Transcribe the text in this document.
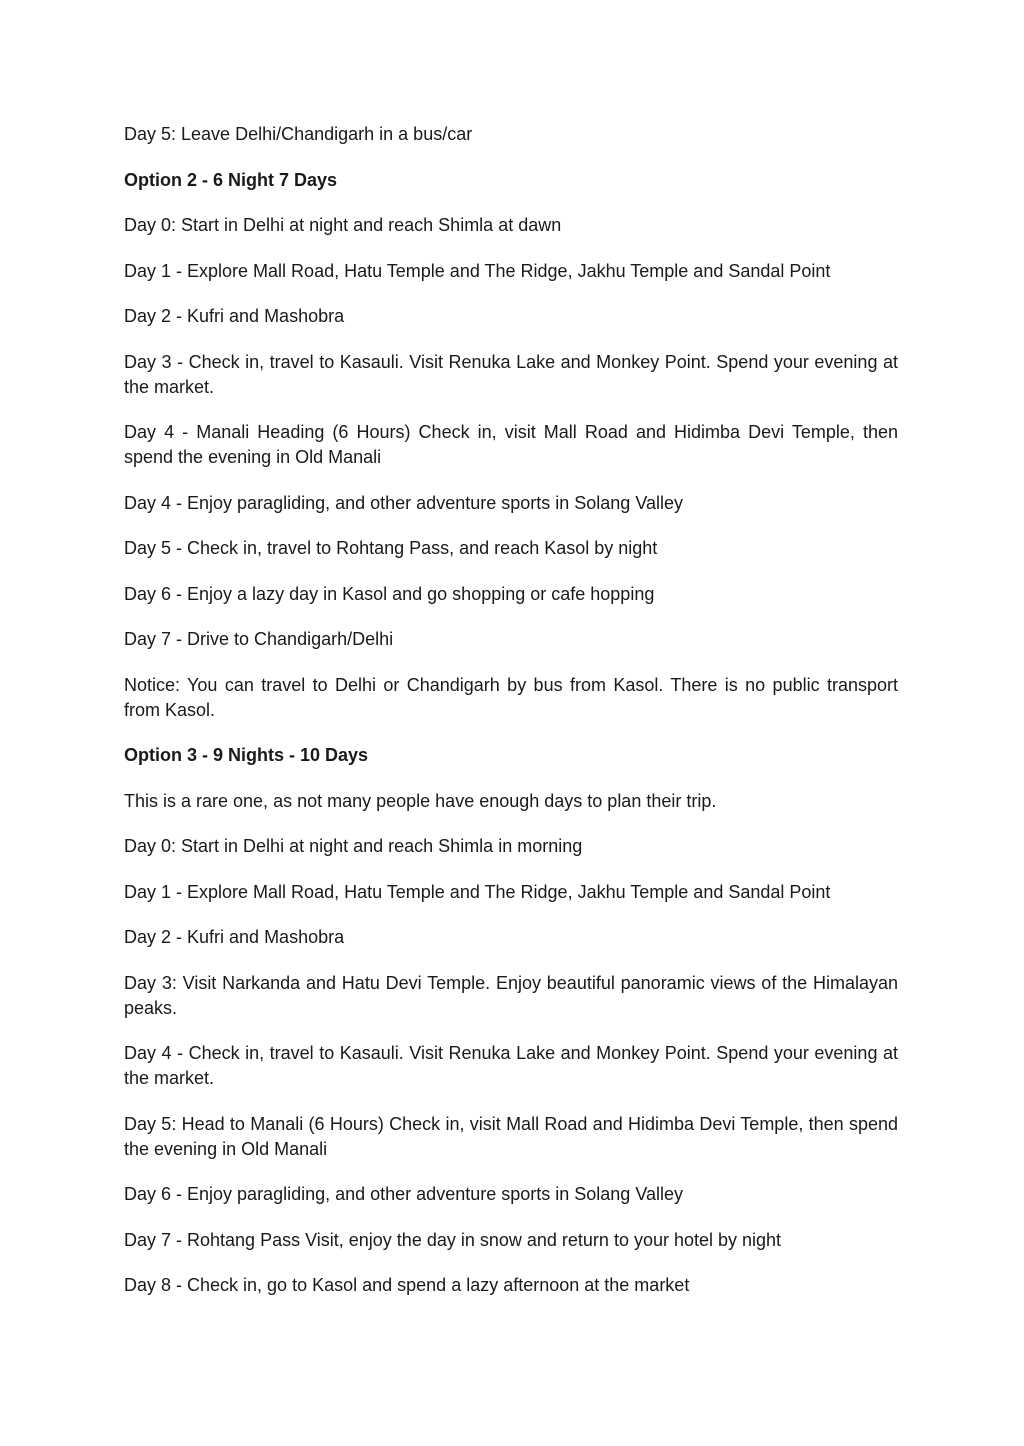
Day 5: Leave Delhi/Chandigarh in a bus/car

Option 2 - 6 Night 7 Days

Day 0: Start in Delhi at night and reach Shimla at dawn

Day 1 - Explore Mall Road, Hatu Temple and The Ridge, Jakhu Temple and Sandal Point

Day 2 - Kufri and Mashobra

Day 3 - Check in, travel to Kasauli. Visit Renuka Lake and Monkey Point. Spend your evening at the market.

Day 4 - Manali Heading (6 Hours) Check in, visit Mall Road and Hidimba Devi Temple, then spend the evening in Old Manali

Day 4 - Enjoy paragliding, and other adventure sports in Solang Valley

Day 5 - Check in, travel to Rohtang Pass, and reach Kasol by night

Day 6 - Enjoy a lazy day in Kasol and go shopping or cafe hopping

Day 7 - Drive to Chandigarh/Delhi

Notice: You can travel to Delhi or Chandigarh by bus from Kasol. There is no public transport from Kasol.

Option 3 - 9 Nights - 10 Days

This is a rare one, as not many people have enough days to plan their trip.

Day 0: Start in Delhi at night and reach Shimla in morning

Day 1 - Explore Mall Road, Hatu Temple and The Ridge, Jakhu Temple and Sandal Point

Day 2 - Kufri and Mashobra

Day 3: Visit Narkanda and Hatu Devi Temple. Enjoy beautiful panoramic views of the Himalayan peaks.

Day 4 - Check in, travel to Kasauli. Visit Renuka Lake and Monkey Point. Spend your evening at the market.

Day 5: Head to Manali (6 Hours) Check in, visit Mall Road and Hidimba Devi Temple, then spend the evening in Old Manali

Day 6 - Enjoy paragliding, and other adventure sports in Solang Valley

Day 7 - Rohtang Pass Visit, enjoy the day in snow and return to your hotel by night

Day 8 - Check in, go to Kasol and spend a lazy afternoon at the market
